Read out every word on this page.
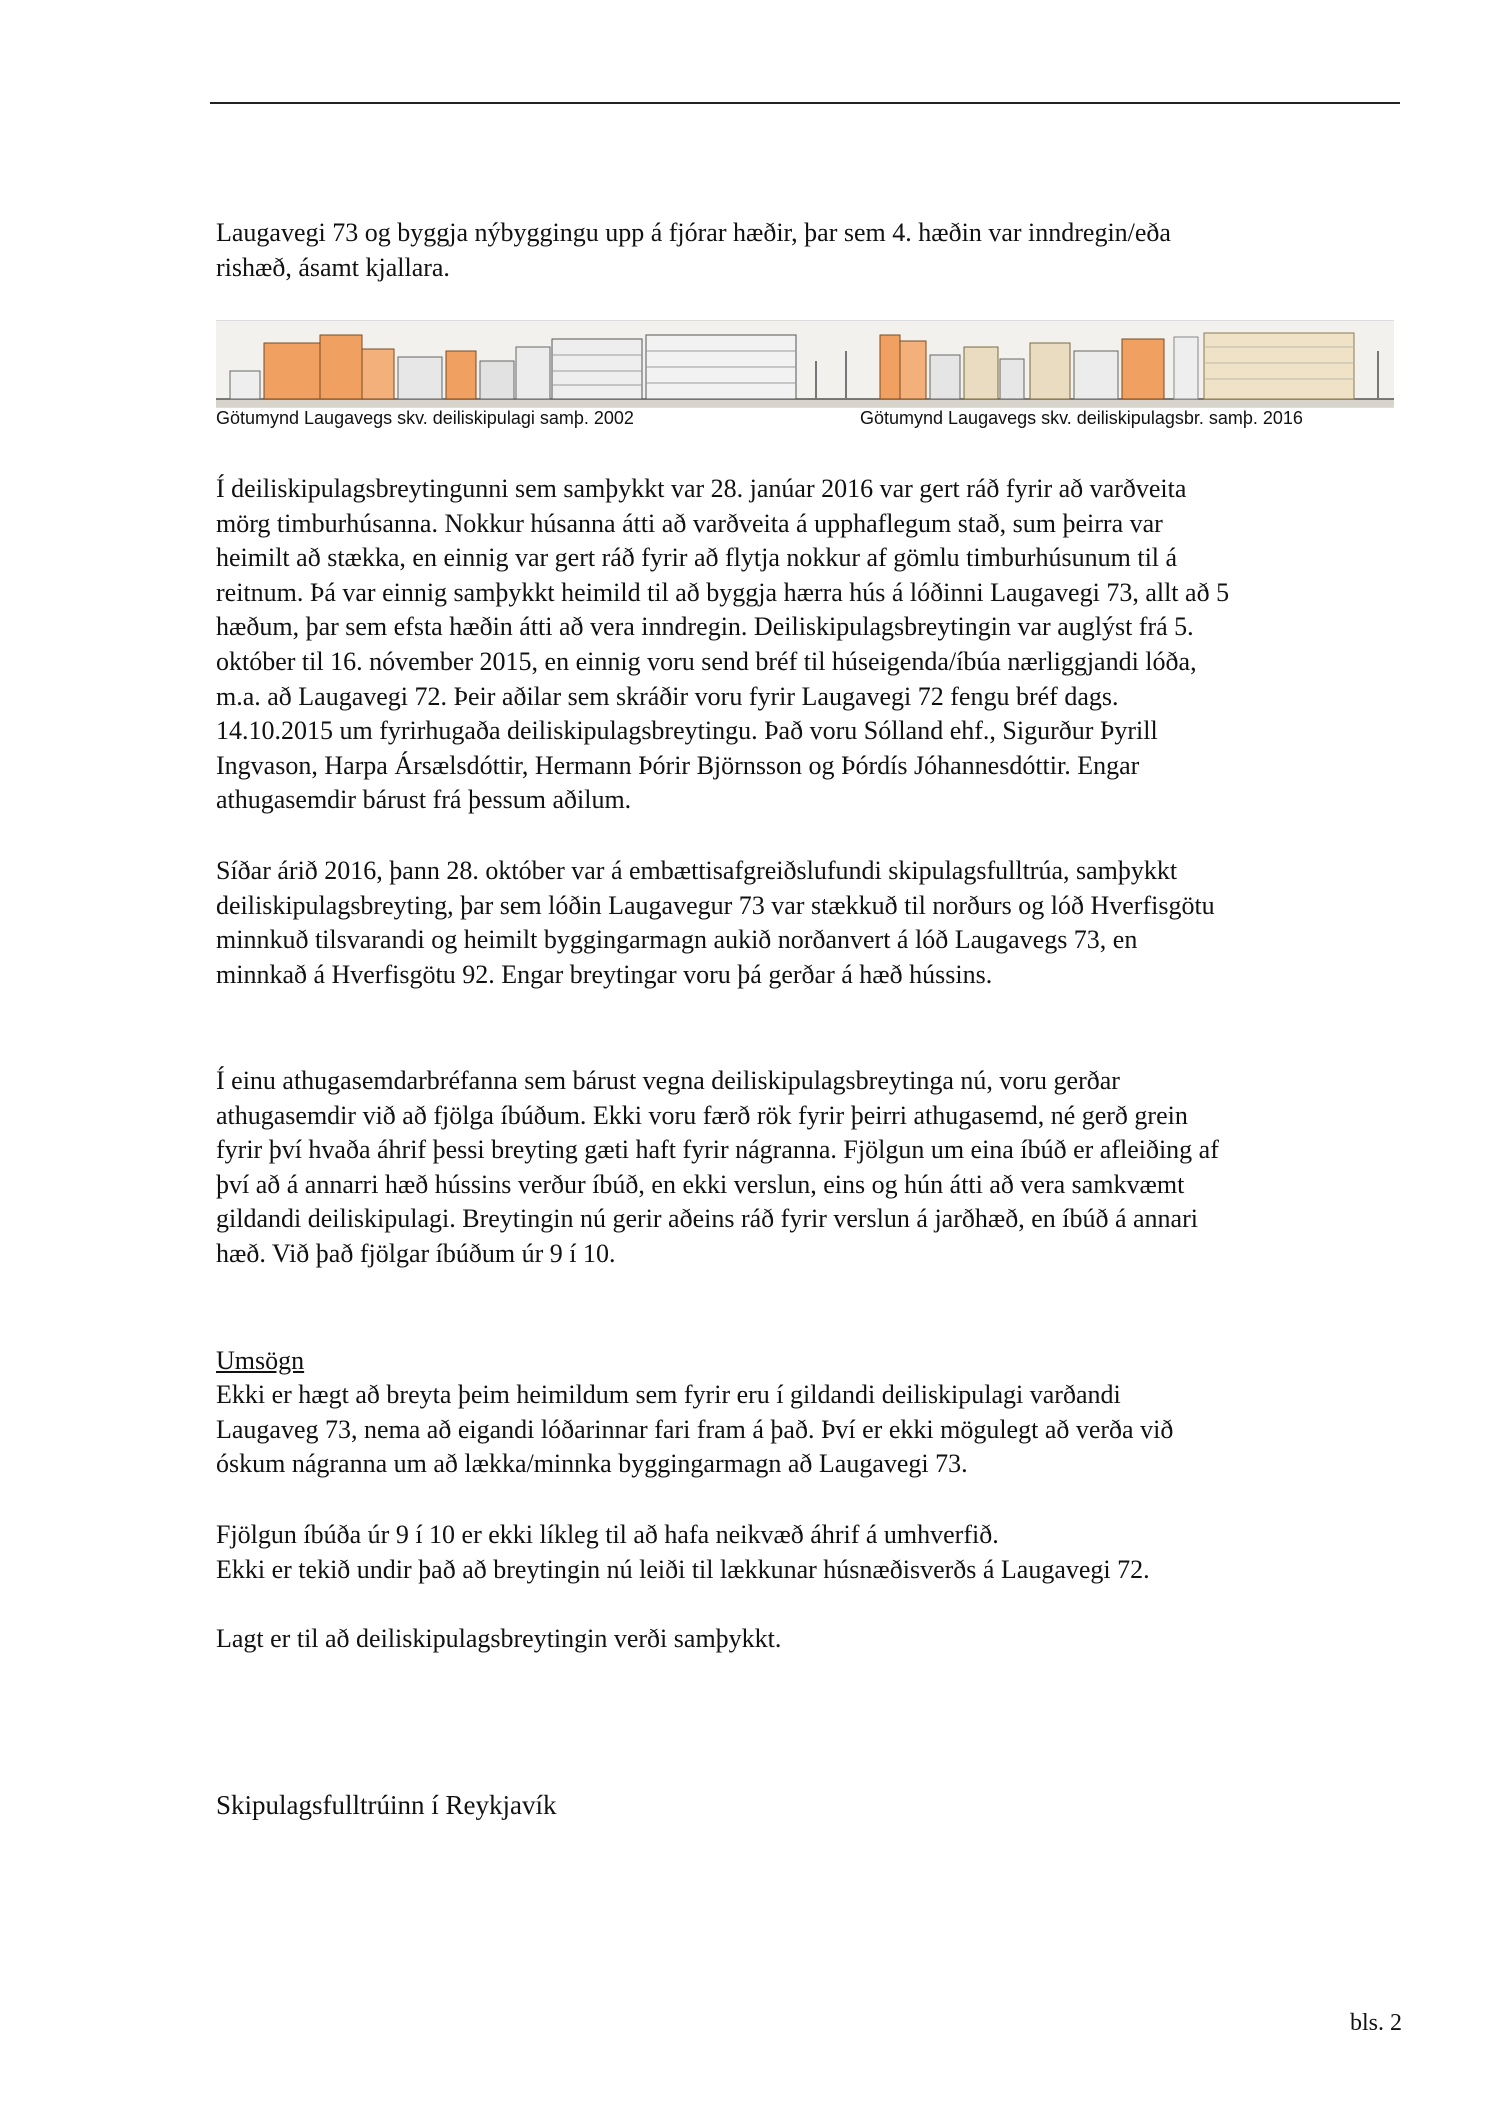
Laugavegi 73 og byggja nýbyggingu upp á fjórar hæðir, þar sem 4. hæðin var inndregin/eða
rishæð, ásamt kjallara.

Götumynd Laugavegs skv. deiliskipulagi samþ. 2002	Götumynd Laugavegs skv. deiliskipulagsbr. samþ. 2016

Í deiliskipulagsbreytingunni sem samþykkt var 28. janúar 2016 var gert ráð fyrir að varðveita
mörg timburhúsanna. Nokkur húsanna átti að varðveita á upphaflegum stað, sum þeirra var
heimilt að stækka, en einnig var gert ráð fyrir að flytja nokkur af gömlu timburhúsunum til á
reitnum. Þá var einnig samþykkt heimild til að byggja hærra hús á lóðinni Laugavegi 73, allt að 5
hæðum, þar sem efsta hæðin átti að vera inndregin. Deiliskipulagsbreytingin var auglýst frá 5.
október til 16. nóvember 2015, en einnig voru send bréf til húseigenda/íbúa nærliggjandi lóða,
m.a. að Laugavegi 72. Þeir aðilar sem skráðir voru fyrir Laugavegi 72 fengu bréf dags.
14.10.2015 um fyrirhugaða deiliskipulagsbreytingu. Það voru Sólland ehf., Sigurður Þyrill
Ingvason, Harpa Ársælsdóttir, Hermann Þórir Björnsson og Þórdís Jóhannesdóttir. Engar
athugasemdir bárust frá þessum aðilum.

Síðar árið 2016, þann 28. október var á embættisafgreiðslufundi skipulagsfulltrúa, samþykkt
deiliskipulagsbreyting, þar sem lóðin Laugavegur 73 var stækkuð til norðurs og lóð Hverfisgötu
minnkuð tilsvarandi og heimilt byggingarmagn aukið norðanvert á lóð Laugavegs 73, en
minnkað á Hverfisgötu 92. Engar breytingar voru þá gerðar á hæð hússins.

Í einu athugasemdarbréfanna sem bárust vegna deiliskipulagsbreytinga nú, voru gerðar
athugasemdir við að fjölga íbúðum. Ekki voru færð rök fyrir þeirri athugasemd, né gerð grein
fyrir því hvaða áhrif þessi breyting gæti haft fyrir nágranna. Fjölgun um eina íbúð er afleiðing af
því að á annarri hæð hússins verður íbúð, en ekki verslun, eins og hún átti að vera samkvæmt
gildandi deiliskipulagi. Breytingin nú gerir aðeins ráð fyrir verslun á jarðhæð, en íbúð á annari
hæð. Við það fjölgar íbúðum úr 9 í 10.

Umsögn

Ekki er hægt að breyta þeim heimildum sem fyrir eru í gildandi deiliskipulagi varðandi
Laugaveg 73, nema að eigandi lóðarinnar fari fram á það. Því er ekki mögulegt að verða við
óskum nágranna um að lækka/minnka byggingarmagn að Laugavegi 73.

Fjölgun íbúða úr 9 í 10 er ekki líkleg til að hafa neikvæð áhrif á umhverfið.
Ekki er tekið undir það að breytingin nú leiði til lækkunar húsnæðisverðs á Laugavegi 72.

Lagt er til að deiliskipulagsbreytingin verði samþykkt.

Skipulagsfulltrúinn í Reykjavík
bls. 2
